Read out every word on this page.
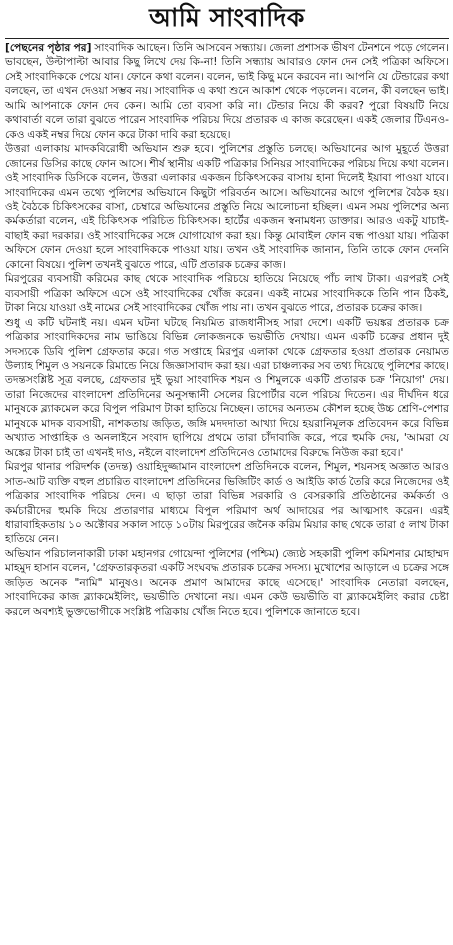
আমি সাংবাদিক

[পেছনের পৃষ্ঠার পর] সাংবাদিক আছেন। তিনি আসবেন সন্ধ্যায়। জেলা প্রশাসক ভীষণ টেনশনে পড়ে গেলেন। ভাবছেন, উল্টাপাল্টা আবার কিছু লিখে দেয় কি-না! তিনি সন্ধ্যায় আবারও ফোন দেন সেই পত্রিকা অফিসে। সেই সাংবাদিককে পেয়ে যান। ফোনে কথা বলেন। বলেন, ভাই কিছু মনে করবেন না। আপনি যে টেন্ডারের কথা বলছেন, তা এখন দেওয়া সম্ভব নয়। সাংবাদিক এ কথা শুনে আকাশ থেকে পড়লেন। বলেন, কী বলছেন ভাই। আমি আপনাকে ফোন দেব কেন। আমি তো ব্যবসা করি না। টেন্ডার নিয়ে কী করব? পুরো বিষয়টি নিয়ে কথাবার্তা বলে তারা বুঝতে পারেন সাংবাদিক পরিচয় দিয়ে প্রতারক এ কাজ করেছেন। একই জেলার টিএনও-কেও একই নম্বর দিয়ে ফোন করে টাকা দাবি করা হয়েছে।

উত্তরা এলাকায় মাদকবিরোধী অভিযান শুরু হবে। পুলিশের প্রস্তুতি চলছে। অভিযানের আগ মুহূর্তে উত্তরা জোনের ডিসির কাছে ফোন আসে। শীর্ষ স্থানীয় একটি পত্রিকার সিনিয়র সাংবাদিকের পরিচয় দিয়ে কথা বলেন। ওই সাংবাদিক ডিসিকে বলেন, উত্তরা এলাকার একজন চিকিৎসকের বাসায় হানা দিলেই ইয়াবা পাওয়া যাবে। সাংবাদিকের এমন তথ্যে পুলিশের অভিযানে কিছুটা পরিবর্তন আসে। অভিযানের আগে পুলিশের বৈঠক হয়। ওই বৈঠকে চিকিৎসকের বাসা, চেম্বারে অভিযানের প্রস্তুতি নিয়ে আলোচনা হচ্ছিল। এমন সময় পুলিশের অন্য কর্মকর্তারা বলেন, এই চিকিৎসক পরিচিত চিকিৎসক। হার্টের একজন স্বনামধন্য ডাক্তার। আরও একটু যাচাই-বাছাই করা দরকার। ওই সাংবাদিকের সঙ্গে যোগাযোগ করা হয়। কিন্তু মোবাইল ফোন বন্ধ পাওয়া যায়। পত্রিকা অফিসে ফোন দেওয়া হলে সাংবাদিককে পাওয়া যায়। তখন ওই সাংবাদিক জানান, তিনি তাকে ফোন দেননি কোনো বিষয়ে। পুলিশ তখনই বুঝতে পারে, এটি প্রতারক চক্রের কাজ।

মিরপুরের ব্যবসায়ী করিমের কাছ থেকে সাংবাদিক পরিচয়ে হাতিয়ে নিয়েছে পাঁচ লাখ টাকা। এরপরই সেই ব্যবসায়ী পত্রিকা অফিসে এসে ওই সাংবাদিকের খোঁজ করেন। একই নামের সাংবাদিককে তিনি পান ঠিকই, টাকা নিয়ে যাওয়া ওই নামের সেই সাংবাদিকের খোঁজ পায় না। তখন বুঝতে পারে, প্রতারক চক্রের কাজ।

শুধু এ কটি ঘটনাই নয়। এমন ঘটনা ঘটছে নিয়মিত রাজধানীসহ সারা দেশে। একটি ভয়ঙ্কর প্রতারক চক্র পত্রিকার সাংবাদিকদের নাম ভাঙিয়ে বিভিন্ন লোকজনকে ভয়ভীতি দেখায়। এমন একটি চক্রের প্রধান দুই সদস্যকে ডিবি পুলিশ গ্রেফতার করে। গত সপ্তাহে মিরপুর এলাকা থেকে গ্রেফতার হওয়া প্রতারক নেয়ামত উল্যাহ শিমুল ও সয়নকে রিমান্ডে নিয়ে জিজ্ঞাসাবাদ করা হয়। এরা চাঞ্চল্যকর সব তথ্য দিয়েছে পুলিশের কাছে। তদন্তসংশ্লিষ্ট সূত্র বলছে, গ্রেফতার দুই ভুয়া সাংবাদিক শয়ন ও শিমুলকে একটি প্রতারক চক্র 'নিয়োগ' দেয়। তারা নিজেদের বাংলাদেশ প্রতিদিনের অনুসন্ধানী সেলের রিপোর্টার বলে পরিচয় দিতেন। এর দীর্ঘদিন ধরে মানুষকে ব্ল্যাকমেল করে বিপুল পরিমাণ টাকা হাতিয়ে নিচ্ছেন। তাদের অন্যতম কৌশল হচ্ছে উচ্চ শ্রেণি-পেশার মানুষকে মাদক ব্যবসায়ী, নাশকতায় জড়িত, জঙ্গি মদদদাতা আখ্যা দিয়ে হয়রানিমূলক প্রতিবেদন করে বিভিন্ন অখ্যাত সাপ্তাহিক ও অনলাইনে সংবাদ ছাপিয়ে প্রথমে তারা চাঁদাবাজি করে, পরে হুমকি দেয়, 'আমরা যে অঙ্কের টাকা চাই তা এখনই দাও, নইলে বাংলাদেশ প্রতিদিনেও তোমাদের বিরুদ্ধে নিউজ করা হবে।'

মিরপুর থানার পরিদর্শক (তদন্ত) ওয়াহিদুজ্জামান বাংলাদেশ প্রতিদিনকে বলেন, শিমুল, শয়নসহ অজ্ঞাত আরও সাত-আট ব্যক্তি বহুল প্রচারিত বাংলাদেশ প্রতিদিনের ভিজিটিং কার্ড ও আইডি কার্ড তৈরি করে নিজেদের ওই পত্রিকার সাংবাদিক পরিচয় দেন। এ ছাড়া তারা বিভিন্ন সরকারি ও বেসরকারি প্রতিষ্ঠানের কর্মকর্তা ও কর্মচারীদের হুমকি দিয়ে প্রতারণার মাধ্যমে বিপুল পরিমাণ অর্থ আদায়ের পর আত্মসাৎ করেন। এরই ধারাবাহিকতায় ১০ অক্টোবর সকাল সাড়ে ১০টায় মিরপুরের জনৈক করিম মিয়ার কাছ থেকে তারা ৫ লাখ টাকা হাতিয়ে নেন।

অভিযান পরিচালনাকারী ঢাকা মহানগর গোয়েন্দা পুলিশের (পশ্চিম) জ্যেষ্ঠ সহকারী পুলিশ কমিশনার মোহাম্মদ মাহমুদ হাসান বলেন, 'গ্রেফতারকৃতরা একটি সংঘবদ্ধ প্রতারক চক্রের সদস্য। মুখোশের আড়ালে এ চক্রের সঙ্গে জড়িত অনেক "নামি" মানুষও। অনেক প্রমাণ আমাদের কাছে এসেছে।' সাংবাদিক নেতারা বলছেন, সাংবাদিকের কাজ ব্ল্যাকমেইলিং, ভয়ভীতি দেখানো নয়। এমন কেউ ভয়ভীতি বা ব্ল্যাকমেইলিং করার চেষ্টা করলে অবশ্যই ভুক্তভোগীকে সংশ্লিষ্ট পত্রিকায় খোঁজ নিতে হবে। পুলিশকে জানাতে হবে।
